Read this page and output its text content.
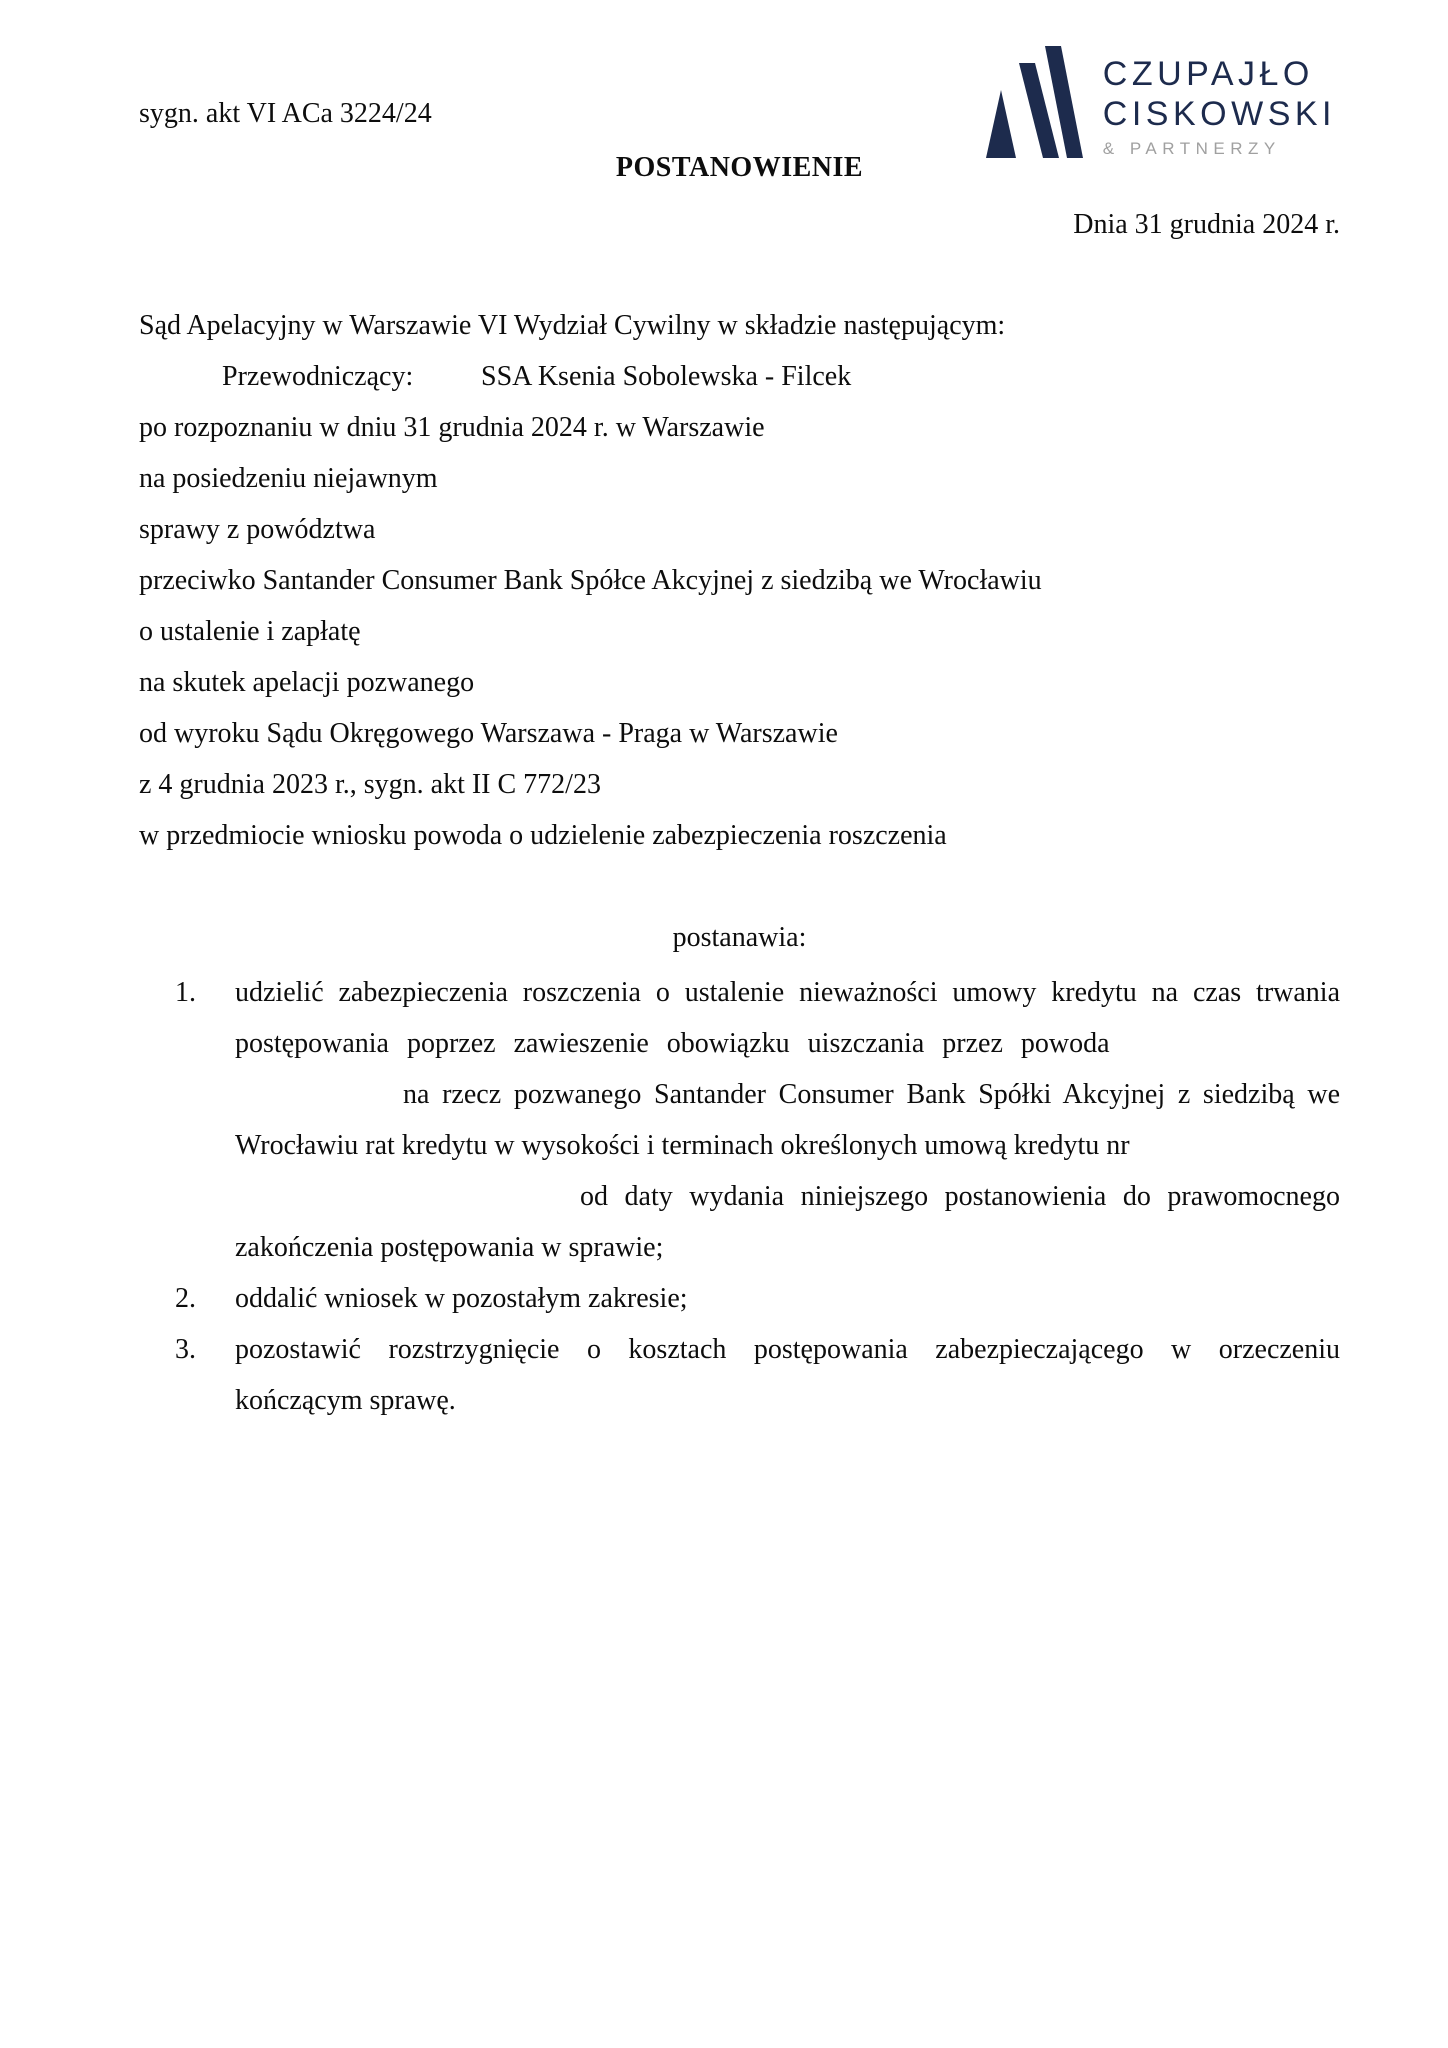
sygn. akt VI ACa 3224/24
CZUPAJŁO
CISKOWSKI
& PARTNERZY
POSTANOWIENIE
Dnia 31 grudnia 2024 r.
Sąd Apelacyjny w Warszawie VI Wydział Cywilny w składzie następującym:
Przewodniczący: SSA Ksenia Sobolewska - Filcek
po rozpoznaniu w dniu 31 grudnia 2024 r. w Warszawie
na posiedzeniu niejawnym
sprawy z powództwa
przeciwko Santander Consumer Bank Spółce Akcyjnej z siedzibą we Wrocławiu
o ustalenie i zapłatę
na skutek apelacji pozwanego
od wyroku Sądu Okręgowego Warszawa - Praga w Warszawie
z 4 grudnia 2023 r., sygn. akt II C 772/23
w przedmiocie wniosku powoda o udzielenie zabezpieczenia roszczenia
postanawia:
1.	udzielić zabezpieczenia roszczenia o ustalenie nieważności umowy kredytu na czas trwania
postępowania poprzez zawieszenie obowiązku uiszczania przez powoda
na rzecz pozwanego Santander Consumer Bank Spółki Akcyjnej z siedzibą we
Wrocławiu rat kredytu w wysokości i terminach określonych umową kredytu nr
od daty wydania niniejszego postanowienia do prawomocnego
zakończenia postępowania w sprawie;
2.	oddalić wniosek w pozostałym zakresie;
3.	pozostawić rozstrzygnięcie o kosztach postępowania zabezpieczającego w orzeczeniu
kończącym sprawę.
